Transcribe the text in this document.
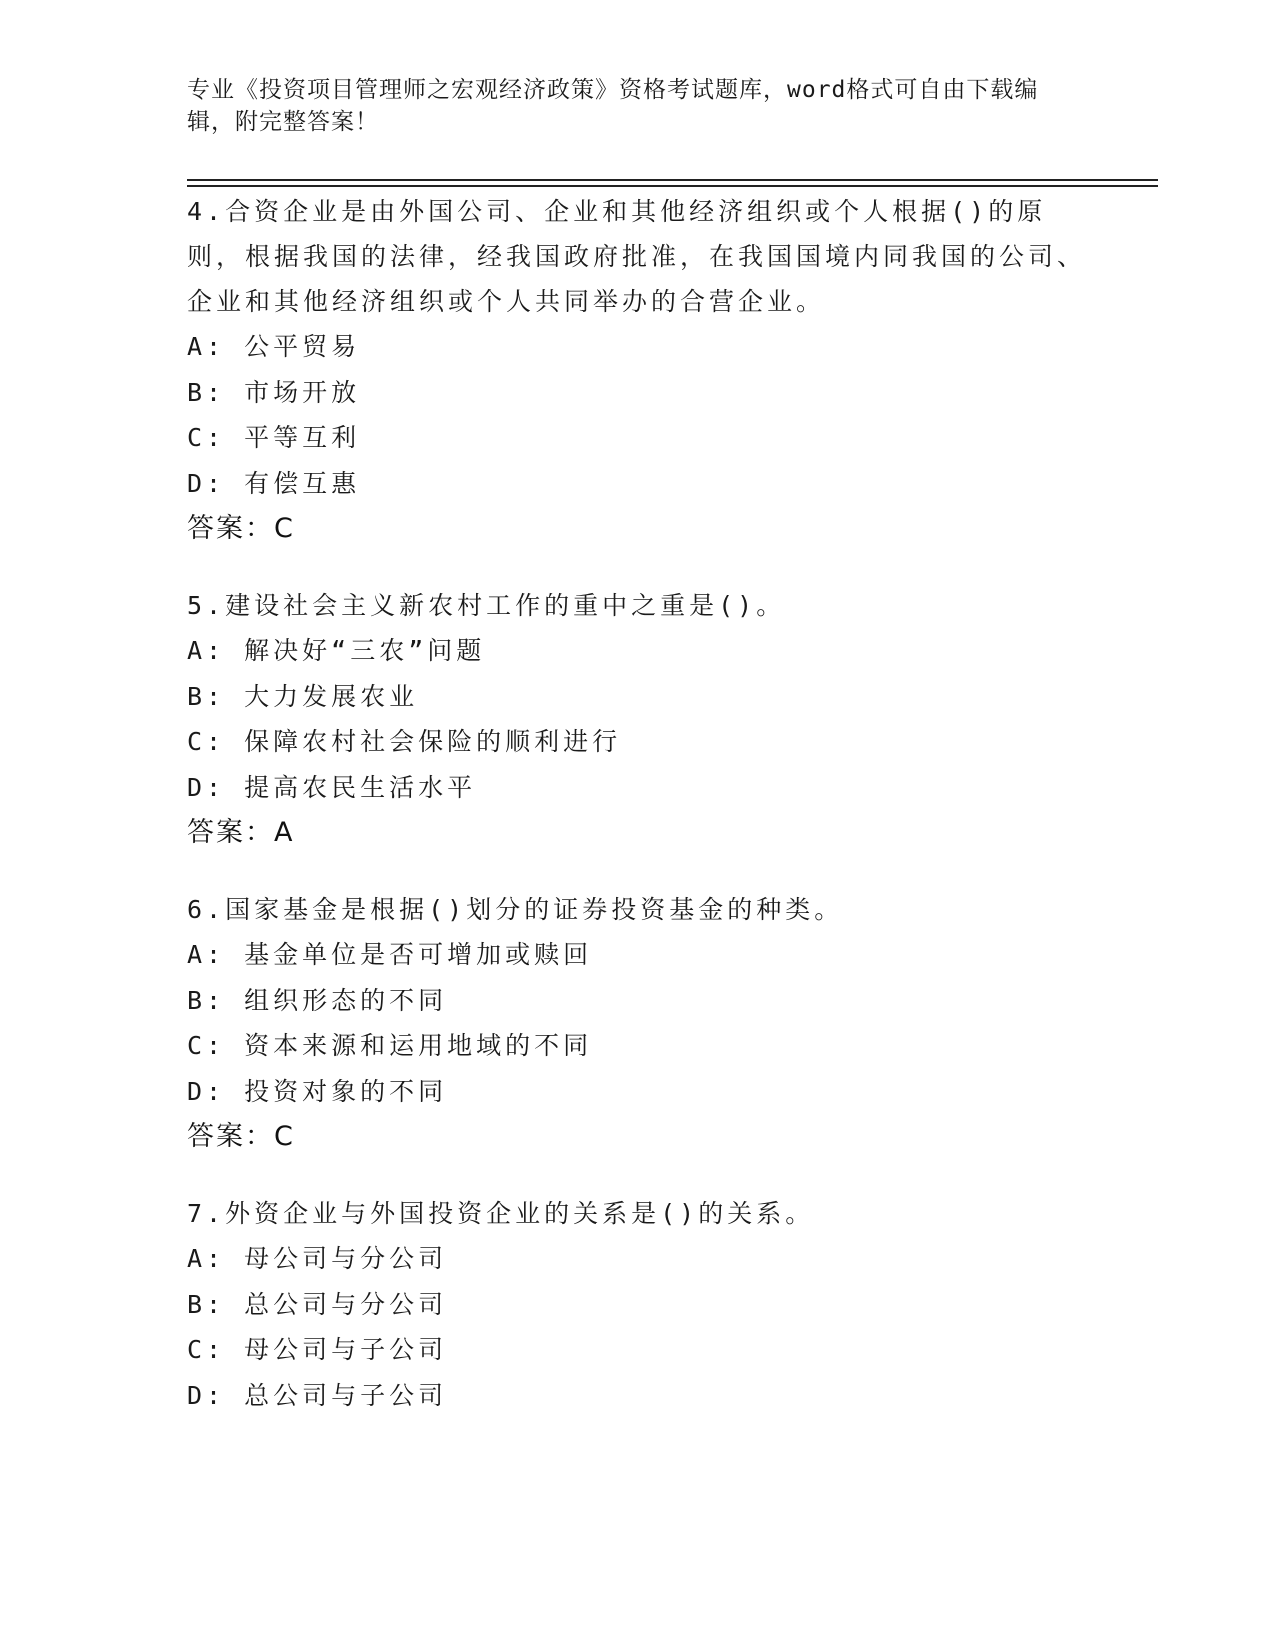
专业《投资项目管理师之宏观经济政策》资格考试题库，word格式可自由下载编辑，附完整答案！

4.合资企业是由外国公司、企业和其他经济组织或个人根据()的原则，根据我国的法律，经我国政府批准，在我国国境内同我国的公司、企业和其他经济组织或个人共同举办的合营企业。

A: 公平贸易

B: 市场开放

C: 平等互利

D: 有偿互惠

答案：C

5.建设社会主义新农村工作的重中之重是()。

A: 解决好“三农”问题

B: 大力发展农业

C: 保障农村社会保险的顺利进行

D: 提高农民生活水平

答案：A

6.国家基金是根据()划分的证券投资基金的种类。

A: 基金单位是否可增加或赎回

B: 组织形态的不同

C: 资本来源和运用地域的不同

D: 投资对象的不同

答案：C

7.外资企业与外国投资企业的关系是()的关系。

A: 母公司与分公司

B: 总公司与分公司

C: 母公司与子公司

D: 总公司与子公司
